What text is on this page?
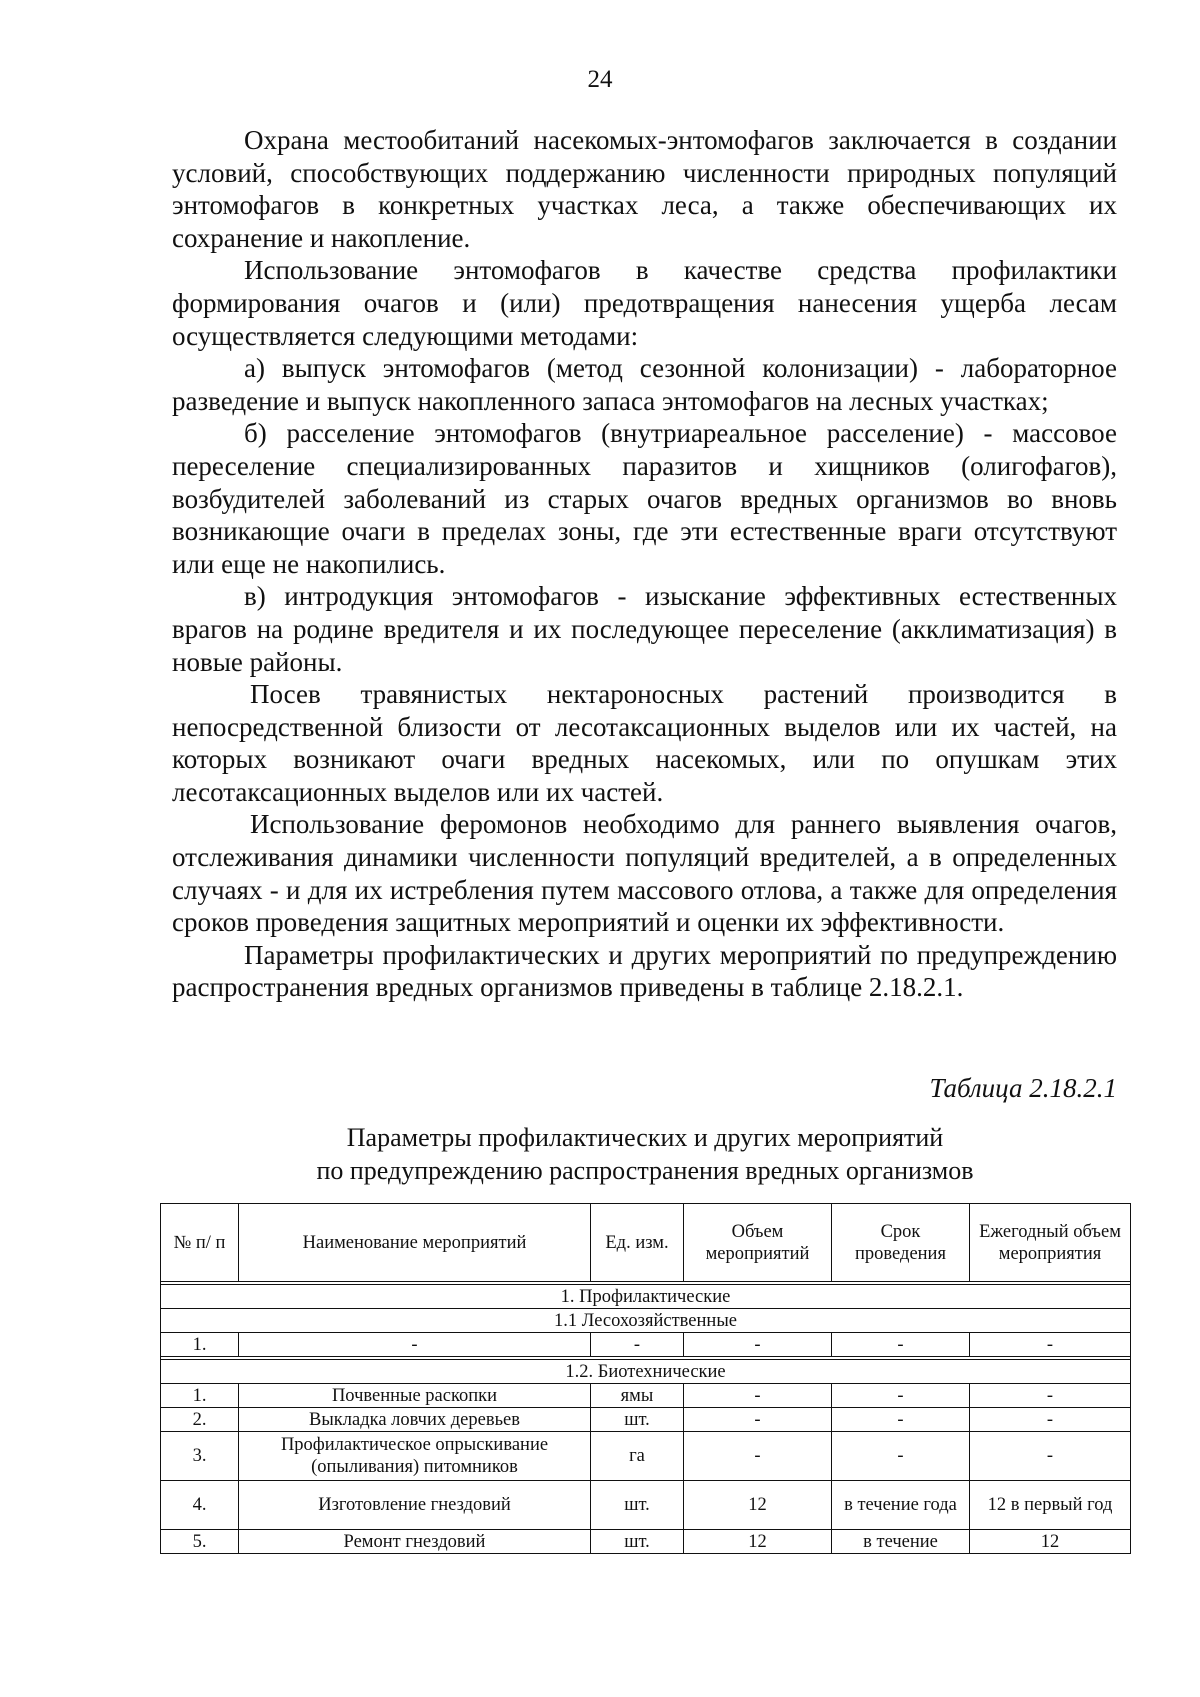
24

Охрана местообитаний насекомых-энтомофагов заключается в создании условий, способствующих поддержанию численности природных популяций энтомофагов в конкретных участках леса, а также обеспечивающих их сохранение и накопление.

Использование энтомофагов в качестве средства профилактики формирования очагов и (или) предотвращения нанесения ущерба лесам осуществляется следующими методами:

а) выпуск энтомофагов (метод сезонной колонизации) - лабораторное разведение и выпуск накопленного запаса энтомофагов на лесных участках;

б) расселение энтомофагов (внутриареальное расселение) - массовое переселение специализированных паразитов и хищников (олигофагов), возбудителей заболеваний из старых очагов вредных организмов во вновь возникающие очаги в пределах зоны, где эти естественные враги отсутствуют или еще не накопились.

в) интродукция энтомофагов - изыскание эффективных естественных врагов на родине вредителя и их последующее переселение (акклиматизация) в новые районы.

Посев травянистых нектароносных растений производится в непосредственной близости от лесотаксационных выделов или их частей, на которых возникают очаги вредных насекомых, или по опушкам этих лесотаксационных выделов или их частей.

Использование феромонов необходимо для раннего выявления очагов, отслеживания динамики численности популяций вредителей, а в определенных случаях - и для их истребления путем массового отлова, а также для определения сроков проведения защитных мероприятий и оценки их эффективности.

Параметры профилактических и других мероприятий по предупреждению распространения вредных организмов приведены в таблице 2.18.2.1.

Таблица 2.18.2.1
Параметры профилактических и других мероприятий
по предупреждению распространения вредных организмов
№ п/ п	Наименование мероприятий	Ед. изм.	Объем мероприятий	Срок проведения	Ежегодный объем мероприятия

1. Профилактические					
1.1 Лесохозяйственные					
1.	-	-	-	-	-

1.2. Биотехнические					
1.	Почвенные раскопки	ямы	-	-	-
2.	Выкладка ловчих деревьев	шт.	-	-	-
3.	Профилактическое опрыскивание (опыливания) питомников	га	-	-	-
4.	Изготовление гнездовий	шт.	12	в течение года	12 в первый год
5.	Ремонт гнездовий	шт.	12	в течение	12
